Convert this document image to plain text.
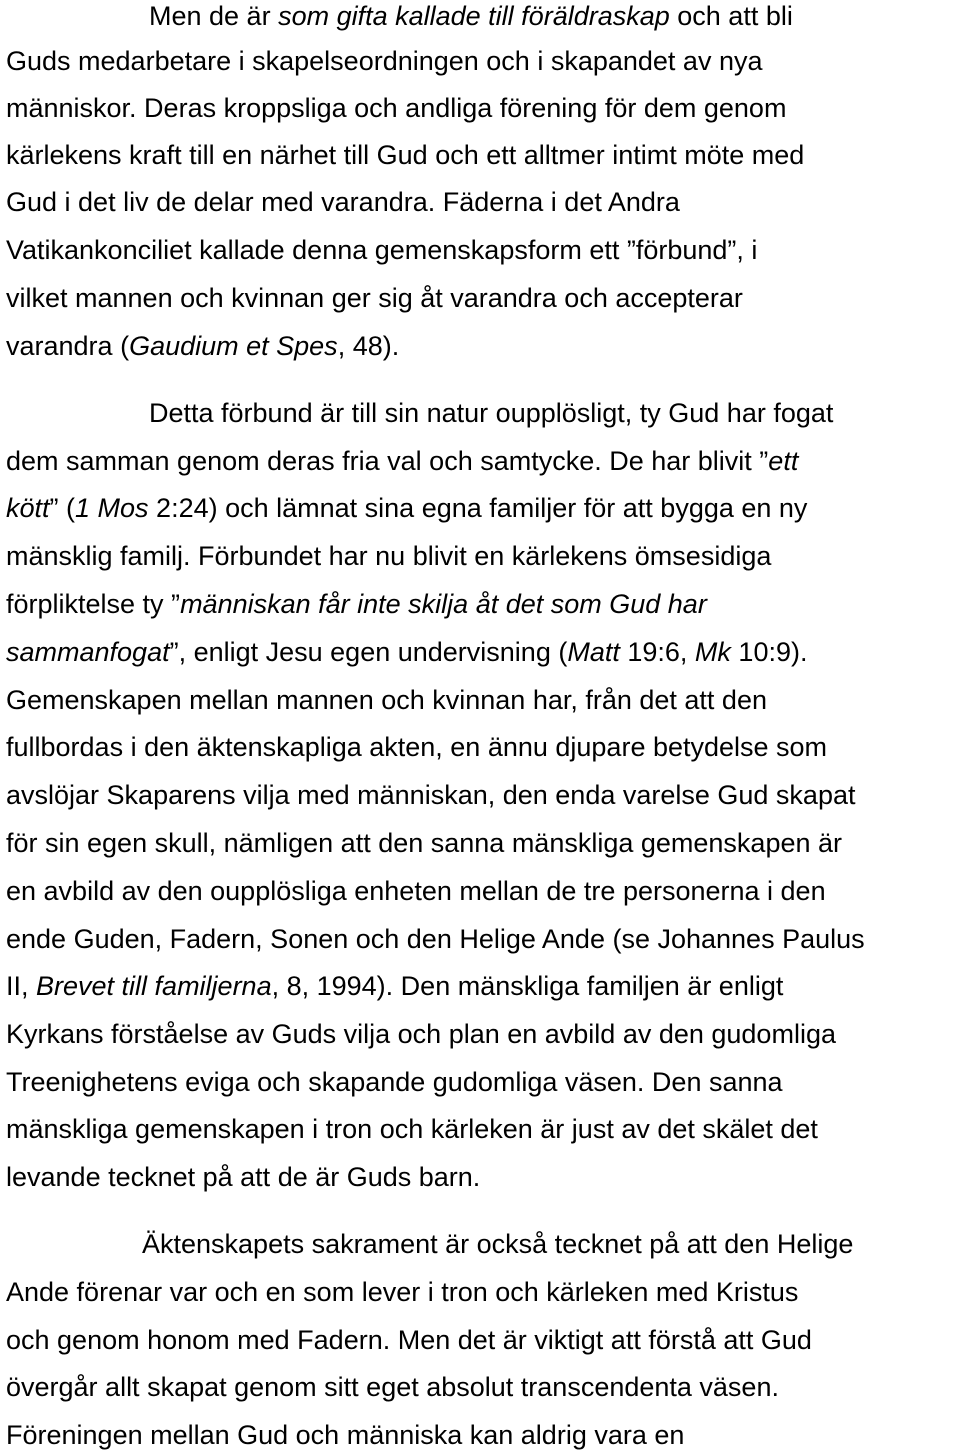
Men de är som gifta kallade till föräldraskap och att bli
Guds medarbetare i skapelseordningen och i skapandet av nya
människor. Deras kroppsliga och andliga förening för dem genom
kärlekens kraft till en närhet till Gud och ett alltmer intimt möte med
Gud i det liv de delar med varandra. Fäderna i det Andra
Vatikankonciliet kallade denna gemenskapsform ett ”förbund”, i
vilket mannen och kvinnan ger sig åt varandra och accepterar
varandra (Gaudium et Spes, 48).
Detta förbund är till sin natur oupplösligt, ty Gud har fogat
dem samman genom deras fria val och samtycke. De har blivit ”ett
kött” (1 Mos 2:24) och lämnat sina egna familjer för att bygga en ny
mänsklig familj. Förbundet har nu blivit en kärlekens ömsesidiga
förpliktelse ty ”människan får inte skilja åt det som Gud har
sammanfogat”, enligt Jesu egen undervisning (Matt 19:6, Mk 10:9).
Gemenskapen mellan mannen och kvinnan har, från det att den
fullbordas i den äktenskapliga akten, en ännu djupare betydelse som
avslöjar Skaparens vilja med människan, den enda varelse Gud skapat
för sin egen skull, nämligen att den sanna mänskliga gemenskapen är
en avbild av den oupplösliga enheten mellan de tre personerna i den
ende Guden, Fadern, Sonen och den Helige Ande (se Johannes Paulus
II, Brevet till familjerna, 8, 1994). Den mänskliga familjen är enligt
Kyrkans förståelse av Guds vilja och plan en avbild av den gudomliga
Treenighetens eviga och skapande gudomliga väsen. Den sanna
mänskliga gemenskapen i tron och kärleken är just av det skälet det
levande tecknet på att de är Guds barn.
Äktenskapets sakrament är också tecknet på att den Helige
Ande förenar var och en som lever i tron och kärleken med Kristus
och genom honom med Fadern. Men det är viktigt att förstå att Gud
övergår allt skapat genom sitt eget absolut transcendenta väsen.
Föreningen mellan Gud och människa kan aldrig vara en
